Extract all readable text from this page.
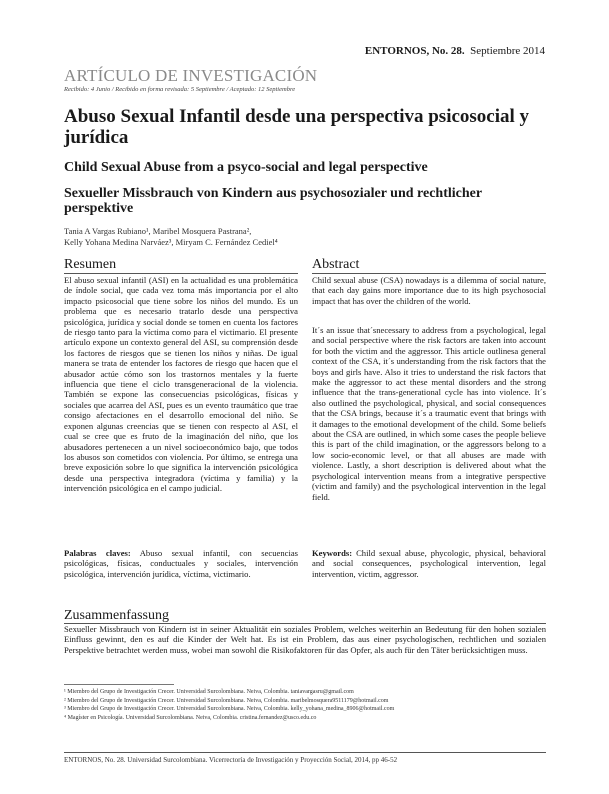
ENTORNOS, No. 28. Septiembre 2014
ARTÍCULO DE INVESTIGACIÓN
Recibido: 4 Junio / Recibido en forma revisada: 5 Septiembre / Aceptado: 12 Septiembre
Abuso Sexual Infantil desde una perspectiva psicosocial y jurídica
Child Sexual Abuse from a psyco-social and legal perspective
Sexueller Missbrauch von Kindern aus psychosozialer und rechtlicher perspektive
Tania A Vargas Rubiano¹, Maribel Mosquera Pastrana²,
Kelly Yohana Medina Narváez³, Miryam C. Fernández Cediel⁴
Resumen
El abuso sexual infantil (ASI) en la actualidad es una problemática de índole social, que cada vez toma más importancia por el alto impacto psicosocial que tiene sobre los niños del mundo. Es un problema que es necesario tratarlo desde una perspectiva psicológica, jurídica y social donde se tomen en cuenta los factores de riesgo tanto para la víctima como para el victimario. El presente artículo expone un contexto general del ASI, su comprensión desde los factores de riesgos que se tienen los niños y niñas. De igual manera se trata de entender los factores de riesgo que hacen que el abusador actúe cómo son los trastornos mentales y la fuerte influencia que tiene el ciclo transgeneracional de la violencia. También se expone las consecuencias psicológicas, físicas y sociales que acarrea del ASI, pues es un evento traumático que trae consigo afectaciones en el desarrollo emocional del niño. Se exponen algunas creencias que se tienen con respecto al ASI, el cual se cree que es fruto de la imaginación del niño, que los abusadores pertenecen a un nivel socioeconómico bajo, que todos los abusos son cometidos con violencia. Por último, se entrega una breve exposición sobre lo que significa la intervención psicológica desde una perspectiva integradora (víctima y familia) y la intervención psicológica en el campo judicial.
Abstract
Child sexual abuse (CSA) nowadays is a dilemma of social nature, that each day gains more importance due to its high psychosocial impact that has over the children of the world.
It´s an issue that´snecessary to address from a psychological, legal and social perspective where the risk factors are taken into account for both the victim and the aggressor. This article outlinesa general context of the CSA, it´s understanding from the risk factors that the boys and girls have. Also it tries to understand the risk factors that make the aggressor to act these mental disorders and the strong influence that the trans-generational cycle has into violence. It´s also outlined the psychological, physical, and social consequences that the CSA brings, because it´s a traumatic event that brings with it damages to the emotional development of the child. Some beliefs about the CSA are outlined, in which some cases the people believe this is part of the child imagination, or the aggressors belong to a low socio-economic level, or that all abuses are made with violence. Lastly, a short description is delivered about what the psychological intervention means from a integrative perspective (victim and family) and the psychological intervention in the legal field.
Palabras claves: Abuso sexual infantil, con secuencias psicológicas, físicas, conductuales y sociales, intervención psicológica, intervención jurídica, víctima, victimario.
Keywords: Child sexual abuse, phycologic, physical, behavioral and social consequences, psychological intervention, legal intervention, victim, aggressor.
Zusammenfassung
Sexueller Missbrauch von Kindern ist in seiner Aktualität ein soziales Problem, welches weiterhin an Bedeutung für den hohen sozialen Einfluss gewinnt, den es auf die Kinder der Welt hat. Es ist ein Problem, das aus einer psychologischen, rechtlichen und sozialen Perspektive betrachtet werden muss, wobei man sowohl die Risikofaktoren für das Opfer, als auch für den Täter berücksichtigen muss.
¹ Miembro del Grupo de Investigación Crecer. Universidad Surcolombiana. Neiva, Colombia. taniavargasru@gmail.com
² Miembro del Grupo de Investigación Crecer. Universidad Surcolombiana. Neiva, Colombia. maribelmosquera9511179@hotmail.com
³ Miembro del Grupo de Investigación Crecer. Universidad Surcolombiana. Neiva, Colombia. kelly_yohana_medina_8906@hotmail.com
⁴ Magíster en Psicología. Universidad Surcolombiana. Neiva, Colombia. cristina.fernandez@usco.edu.co
ENTORNOS, No. 28. Universidad Surcolombiana. Vicerrectoría de Investigación y Proyección Social, 2014, pp 46-52
